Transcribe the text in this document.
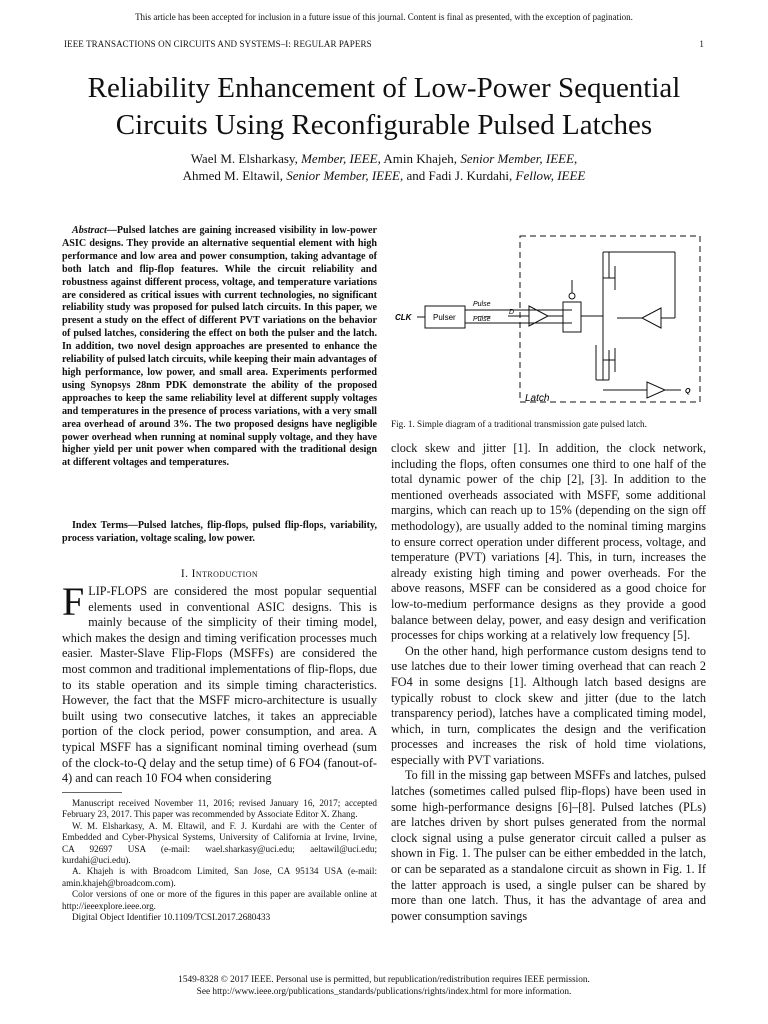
This article has been accepted for inclusion in a future issue of this journal. Content is final as presented, with the exception of pagination.
IEEE TRANSACTIONS ON CIRCUITS AND SYSTEMS–I: REGULAR PAPERS	1
Reliability Enhancement of Low-Power Sequential
Circuits Using Reconfigurable Pulsed Latches
Wael M. Elsharkasy, Member, IEEE, Amin Khajeh, Senior Member, IEEE,
Ahmed M. Eltawil, Senior Member, IEEE, and Fadi J. Kurdahi, Fellow, IEEE
Abstract—Pulsed latches are gaining increased visibility in low-power ASIC designs. They provide an alternative sequential element with high performance and low area and power consumption, taking advantage of both latch and flip-flop features. While the circuit reliability and robustness against different process, voltage, and temperature variations are considered as critical issues with current technologies, no significant reliability study was proposed for pulsed latch circuits. In this paper, we present a study on the effect of different PVT variations on the behavior of pulsed latches, considering the effect on both the pulser and the latch. In addition, two novel design approaches are presented to enhance the reliability of pulsed latch circuits, while keeping their main advantages of high performance, low power, and small area. Experiments performed using Synopsys 28nm PDK demonstrate the ability of the proposed approaches to keep the same reliability level at different supply voltages and temperatures in the presence of process variations, with a very small area overhead of around 3%. The two proposed designs have negligible power overhead when running at nominal supply voltage, and they have higher yield per unit power when compared with the traditional design at different voltages and temperatures.
Index Terms—Pulsed latches, flip-flops, pulsed flip-flops, variability, process variation, voltage scaling, low power.
I. Introduction
FLIP-FLOPS are considered the most popular sequential elements used in conventional ASIC designs. This is mainly because of the simplicity of their timing model, which makes the design and timing verification processes much easier. Master-Slave Flip-Flops (MSFFs) are considered the most common and traditional implementations of flip-flops, due to its stable operation and its simple timing characteristics. However, the fact that the MSFF micro-architecture is usually built using two consecutive latches, it takes an appreciable portion of the clock period, power consumption, and area. A typical MSFF has a significant nominal timing overhead (sum of the clock-to-Q delay and the setup time) of 6 FO4 (fanout-of-4) and can reach 10 FO4 when considering

Manuscript received November 11, 2016; revised January 16, 2017; accepted February 23, 2017. This paper was recommended by Associate Editor X. Zhang.

W. M. Elsharkasy, A. M. Eltawil, and F. J. Kurdahi are with the Center of Embedded and Cyber-Physical Systems, University of California at Irvine, Irvine, CA 92697 USA (e-mail: wael.sharkasy@uci.edu; aeltawil@uci.edu; kurdahi@uci.edu).

A. Khajeh is with Broadcom Limited, San Jose, CA 95134 USA (e-mail: amin.khajeh@broadcom.com).

Color versions of one or more of the figures in this paper are available online at http://ieeexplore.ieee.org.

Digital Object Identifier 10.1109/TCSI.2017.2680433

CLK	Pulser
Pulse
Pulse
D
Q
Latch
Fig. 1. Simple diagram of a traditional transmission gate pulsed latch.

clock skew and jitter [1]. In addition, the clock network, including the flops, often consumes one third to one half of the total dynamic power of the chip [2], [3]. In addition to the mentioned overheads associated with MSFF, some additional margins, which can reach up to 15% (depending on the sign off methodology), are usually added to the nominal timing margins to ensure correct operation under different process, voltage, and temperature (PVT) variations [4]. This, in turn, increases the already existing high timing and power overheads. For the above reasons, MSFF can be considered as a good choice for low-to-medium performance designs as they provide a good balance between delay, power, and easy design and verification processes for chips working at a relatively low frequency [5].

On the other hand, high performance custom designs tend to use latches due to their lower timing overhead that can reach 2 FO4 in some designs [1]. Although latch based designs are typically robust to clock skew and jitter (due to the latch transparency period), latches have a complicated timing model, which, in turn, complicates the design and the verification processes and increases the risk of hold time violations, especially with PVT variations.

To fill in the missing gap between MSFFs and latches, pulsed latches (sometimes called pulsed flip-flops) have been used in some high-performance designs [6]–[8]. Pulsed latches (PLs) are latches driven by short pulses generated from the normal clock signal using a pulse generator circuit called a pulser as shown in Fig. 1. The pulser can be either embedded in the latch, or can be separated as a standalone circuit as shown in Fig. 1. If the latter approach is used, a single pulser can be shared by more than one latch. Thus, it has the advantage of area and power consumption savings

1549-8328 © 2017 IEEE. Personal use is permitted, but republication/redistribution requires IEEE permission.
See http://www.ieee.org/publications_standards/publications/rights/index.html for more information.
